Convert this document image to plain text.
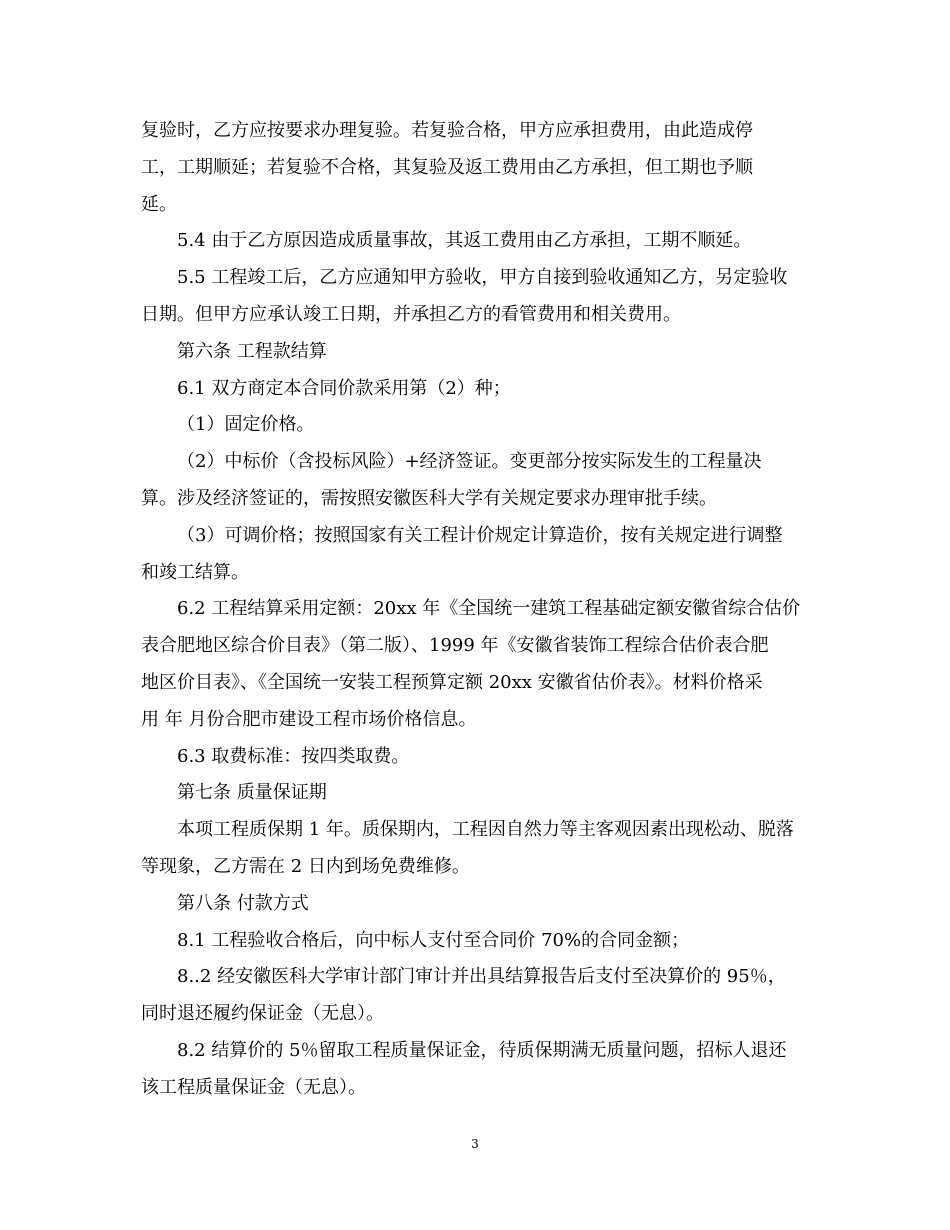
复验时，乙方应按要求办理复验。若复验合格，甲方应承担费用，由此造成停
工，工期顺延；若复验不合格，其复验及返工费用由乙方承担，但工期也予顺
延。
5.4 由于乙方原因造成质量事故，其返工费用由乙方承担，工期不顺延。
5.5 工程竣工后，乙方应通知甲方验收，甲方自接到验收通知乙方，另定验收
日期。但甲方应承认竣工日期，并承担乙方的看管费用和相关费用。
第六条 工程款结算
6.1 双方商定本合同价款采用第（2）种；
（1）固定价格。
（2）中标价（含投标风险）+经济签证。变更部分按实际发生的工程量决
算。涉及经济签证的，需按照安徽医科大学有关规定要求办理审批手续。
（3）可调价格；按照国家有关工程计价规定计算造价，按有关规定进行调整
和竣工结算。
6.2 工程结算采用定额：20xx 年《全国统一建筑工程基础定额安徽省综合估价
表合肥地区综合价目表》（第二版）、1999 年《安徽省装饰工程综合估价表合肥
地区价目表》、《全国统一安装工程预算定额 20xx 安徽省估价表》。材料价格采
用 年 月份合肥市建设工程市场价格信息。
6.3 取费标准：按四类取费。
第七条 质量保证期
本项工程质保期 1 年。质保期内，工程因自然力等主客观因素出现松动、脱落
等现象，乙方需在 2 日内到场免费维修。
第八条 付款方式
8.1 工程验收合格后，向中标人支付至合同价 70%的合同金额；
8..2 经安徽医科大学审计部门审计并出具结算报告后支付至决算价的 95％，
同时退还履约保证金（无息）。
8.2 结算价的 5％留取工程质量保证金，待质保期满无质量问题，招标人退还
该工程质量保证金（无息）。
3
